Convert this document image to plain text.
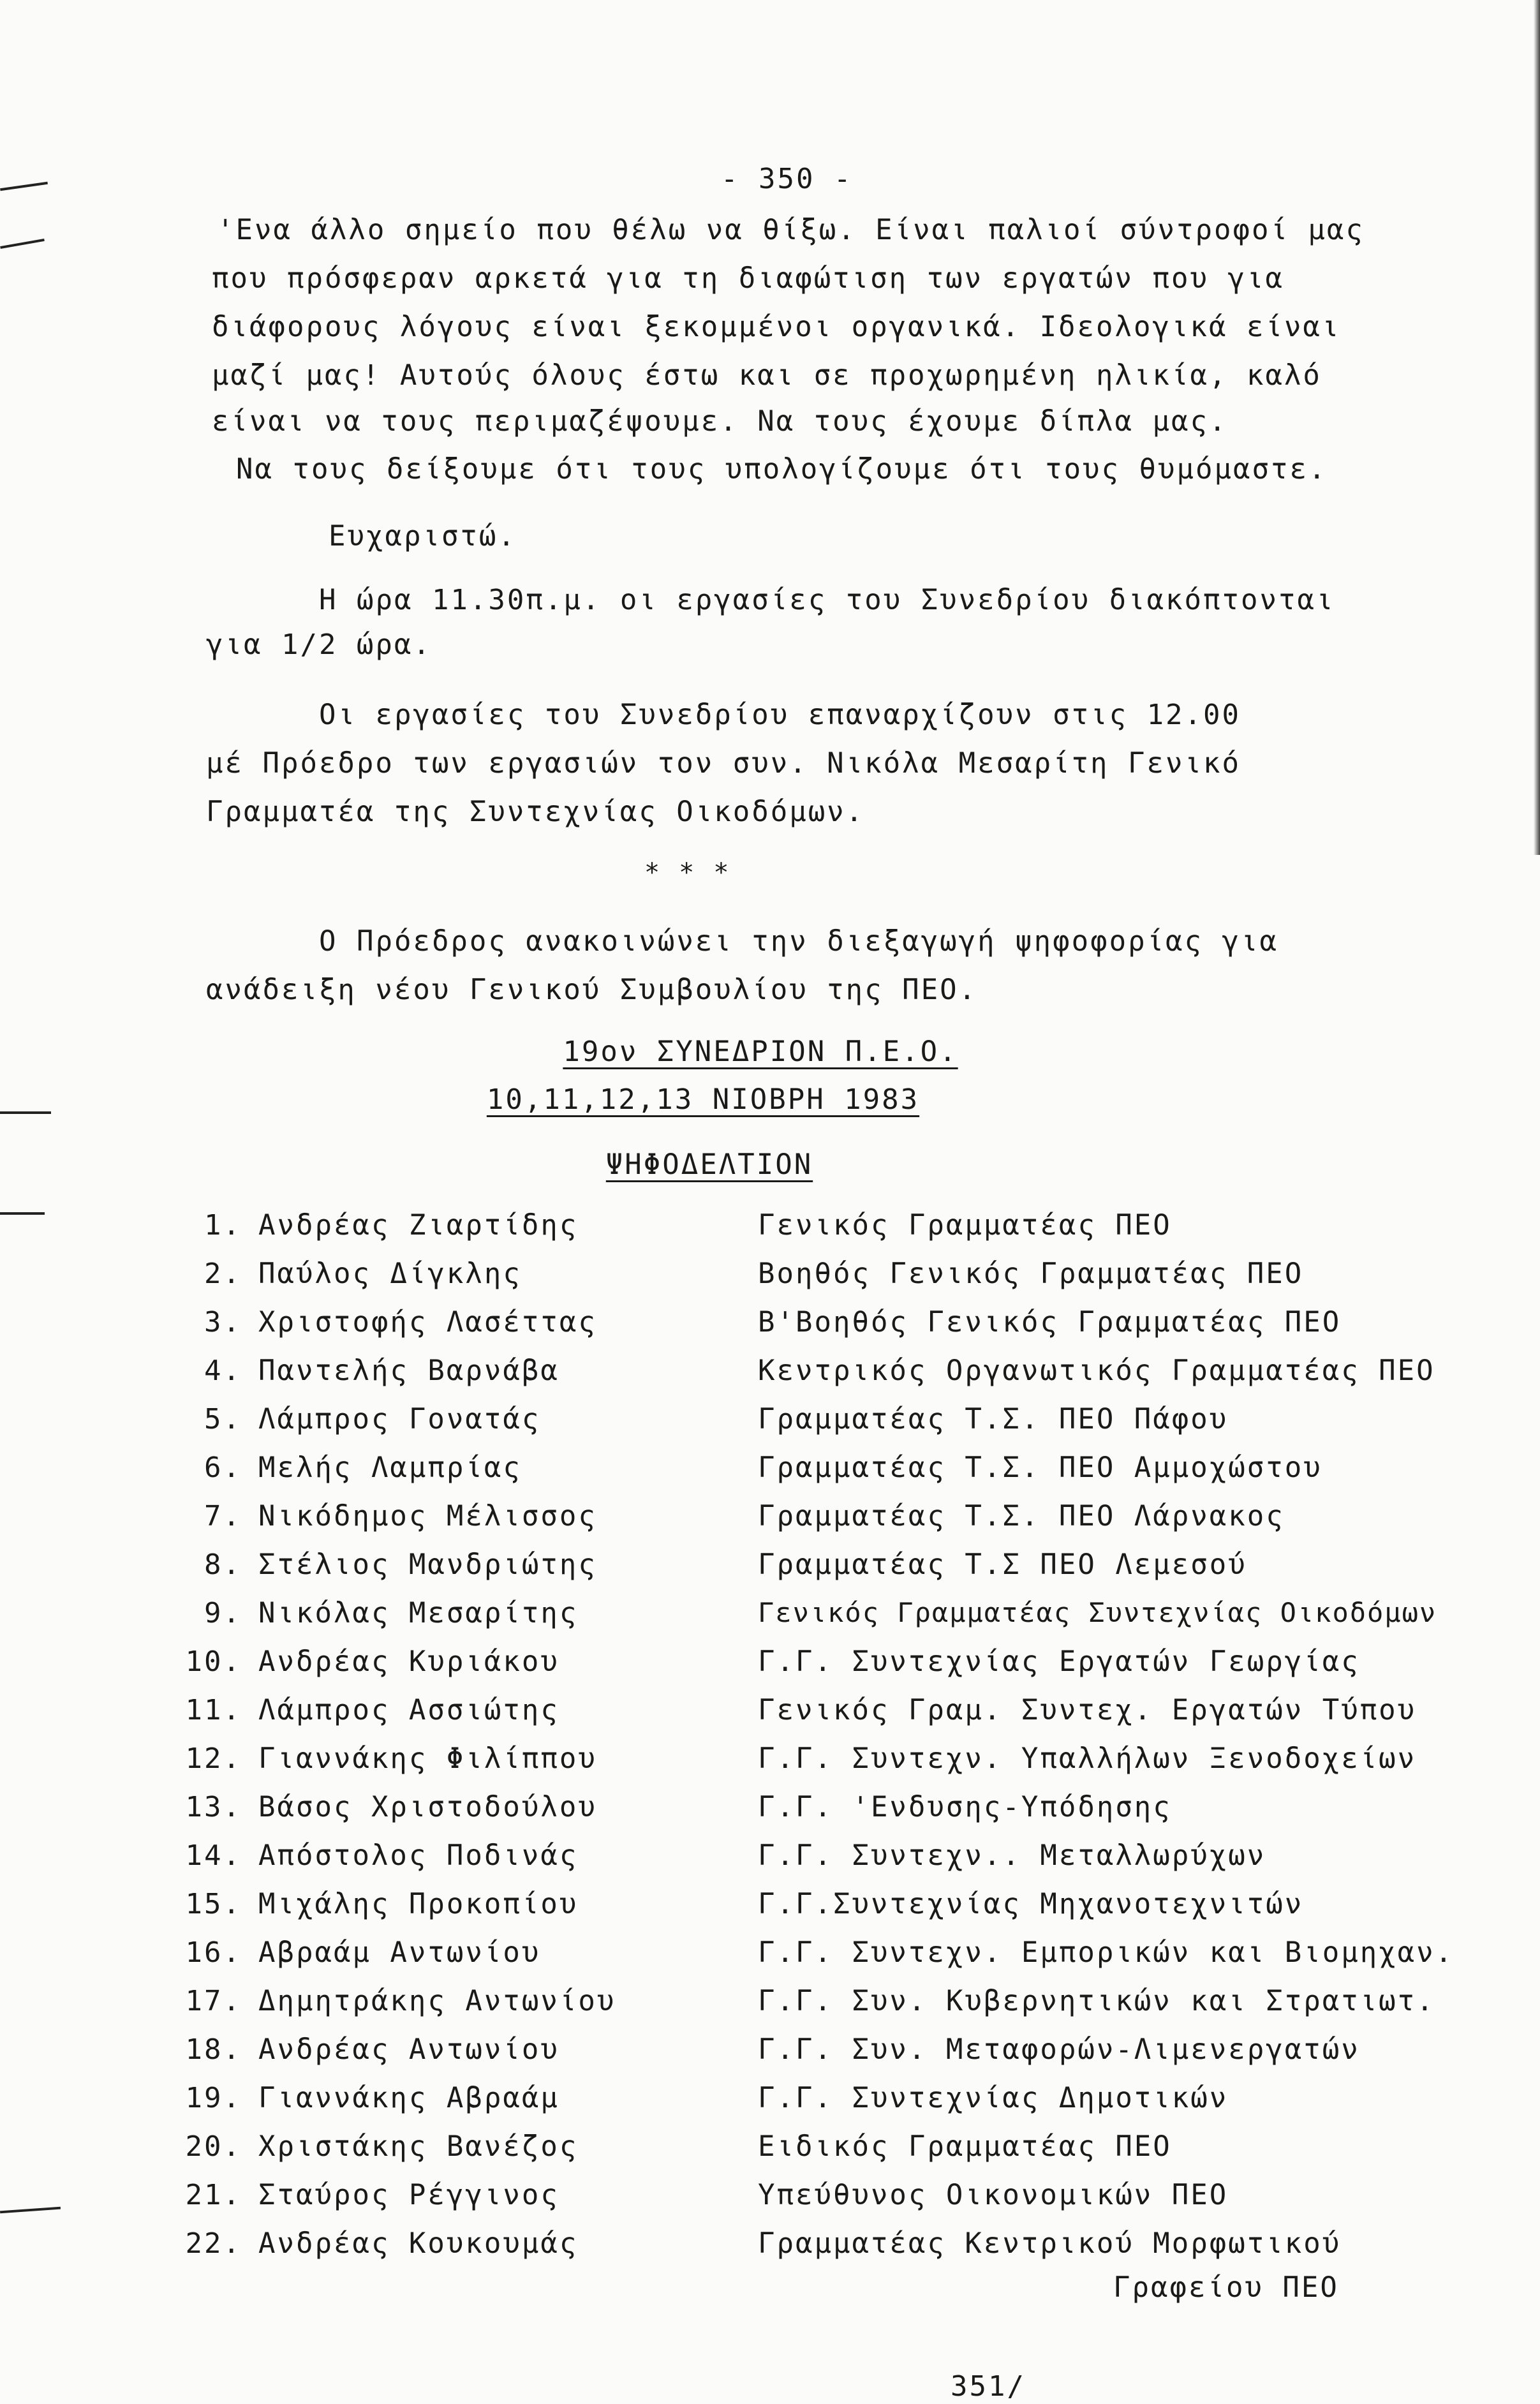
- 350 -
'Ενα άλλο σημείο που θέλω να θίξω. Είναι παλιοί σύντροφοί μας
που πρόσφεραν αρκετά για τη διαφώτιση των εργατών που για
διάφορους λόγους είναι ξεκομμένοι οργανικά. Ιδεολογικά είναι
μαζί μας! Αυτούς όλους έστω και σε προχωρημένη ηλικία, καλό
είναι να τους περιμαζέψουμε. Να τους έχουμε δίπλα μας.
Να τους δείξουμε ότι τους υπολογίζουμε ότι τους θυμόμαστε.
Ευχαριστώ.
Η ώρα 11.30π.μ. οι εργασίες του Συνεδρίου διακόπτονται
για 1/2 ώρα.
Οι εργασίες του Συνεδρίου επαναρχίζουν στις 12.00
μέ Πρόεδρο των εργασιών τον συν. Νικόλα Μεσαρίτη Γενικό
Γραμματέα της Συντεχνίας Οικοδόμων.
* * *
Ο Πρόεδρος ανακοινώνει την διεξαγωγή ψηφοφορίας για
ανάδειξη νέου Γενικού Συμβουλίου της ΠΕΟ.
19ον ΣΥΝΕΔΡΙΟΝ Π.Ε.Ο.
10,11,12,13 ΝΙΟΒΡΗ 1983
ΨΗΦΟΔΕΛΤΙΟΝ
1. Ανδρέας Ζιαρτίδης	Γενικός Γραμματέας ΠΕΟ
2. Παύλος Δίγκλης	Βοηθός Γενικός Γραμματέας ΠΕΟ
3. Χριστοφής Λασέττας	Β'Βοηθός Γενικός Γραμματέας ΠΕΟ
4. Παντελής Βαρνάβα	Κεντρικός Οργανωτικός Γραμματέας ΠΕΟ
5. Λάμπρος Γονατάς	Γραμματέας Τ.Σ. ΠΕΟ Πάφου
6. Μελής Λαμπρίας	Γραμματέας Τ.Σ. ΠΕΟ Αμμοχώστου
7. Νικόδημος Μέλισσος	Γραμματέας Τ.Σ. ΠΕΟ Λάρνακος
8. Στέλιος Μανδριώτης	Γραμματέας Τ.Σ ΠΕΟ Λεμεσού
9. Νικόλας Μεσαρίτης	Γενικός Γραμματέας Συντεχνίας Οικοδόμων
10. Ανδρέας Κυριάκου	Γ.Γ. Συντεχνίας Εργατών Γεωργίας
11. Λάμπρος Ασσιώτης	Γενικός Γραμ. Συντεχ. Εργατών Τύπου
12. Γιαννάκης Φιλίππου	Γ.Γ. Συντεχν. Υπαλλήλων Ξενοδοχείων
13. Βάσος Χριστοδούλου	Γ.Γ. 'Ενδυσης-Υπόδησης
14. Απόστολος Ποδινάς	Γ.Γ. Συντεχν.. Μεταλλωρύχων
15. Μιχάλης Προκοπίου	Γ.Γ.Συντεχνίας Μηχανοτεχνιτών
16. Αβραάμ Αντωνίου	Γ.Γ. Συντεχν. Εμπορικών και Βιομηχαν.
17. Δημητράκης Αντωνίου	Γ.Γ. Συν. Κυβερνητικών και Στρατιωτ.
18. Ανδρέας Αντωνίου	Γ.Γ. Συν. Μεταφορών-Λιμενεργατών
19. Γιαννάκης Αβραάμ	Γ.Γ. Συντεχνίας Δημοτικών
20. Χριστάκης Βανέζος	Ειδικός Γραμματέας ΠΕΟ
21. Σταύρος Ρέγγινος	Υπεύθυνος Οικονομικών ΠΕΟ
22. Ανδρέας Κουκουμάς	Γραμματέας Κεντρικού Μορφωτικού
Γραφείου ΠΕΟ
351/
